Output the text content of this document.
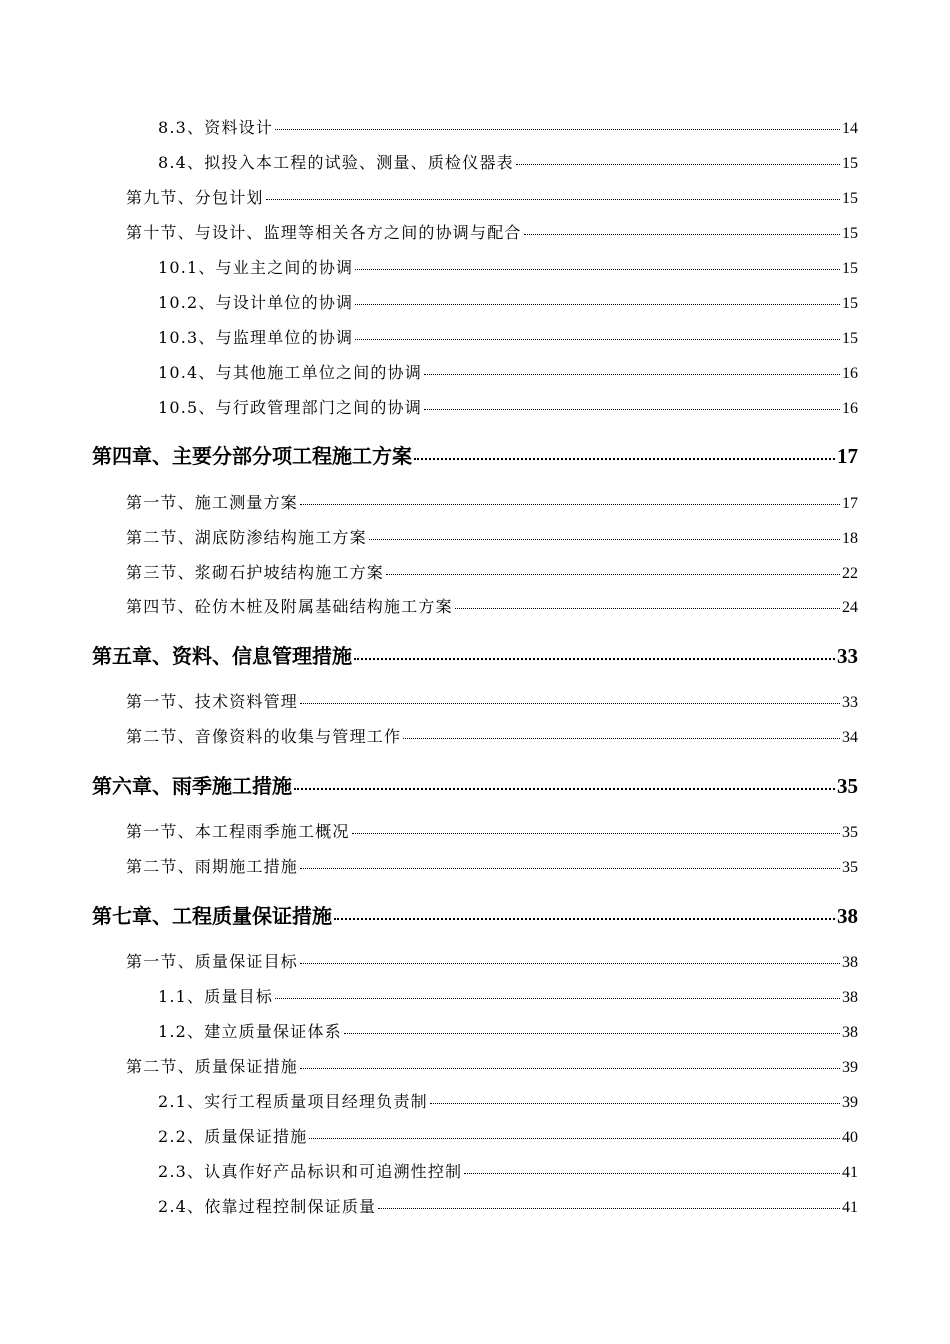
8.3、资料设计	14
8.4、拟投入本工程的试验、测量、质检仪器表	15
第九节、分包计划	15
第十节、与设计、监理等相关各方之间的协调与配合	15
10.1、与业主之间的协调	15
10.2、与设计单位的协调	15
10.3、与监理单位的协调	15
10.4、与其他施工单位之间的协调	16
10.5、与行政管理部门之间的协调	16
第四章、主要分部分项工程施工方案	17
第一节、施工测量方案	17
第二节、湖底防渗结构施工方案	18
第三节、浆砌石护坡结构施工方案	22
第四节、砼仿木桩及附属基础结构施工方案	24
第五章、资料、信息管理措施	33
第一节、技术资料管理	33
第二节、音像资料的收集与管理工作	34
第六章、雨季施工措施	35
第一节、本工程雨季施工概况	35
第二节、雨期施工措施	35
第七章、工程质量保证措施	38
第一节、质量保证目标	38
1.1、质量目标	38
1.2、建立质量保证体系	38
第二节、质量保证措施	39
2.1、实行工程质量项目经理负责制	39
2.2、质量保证措施	40
2.3、认真作好产品标识和可追溯性控制	41
2.4、依靠过程控制保证质量	41
